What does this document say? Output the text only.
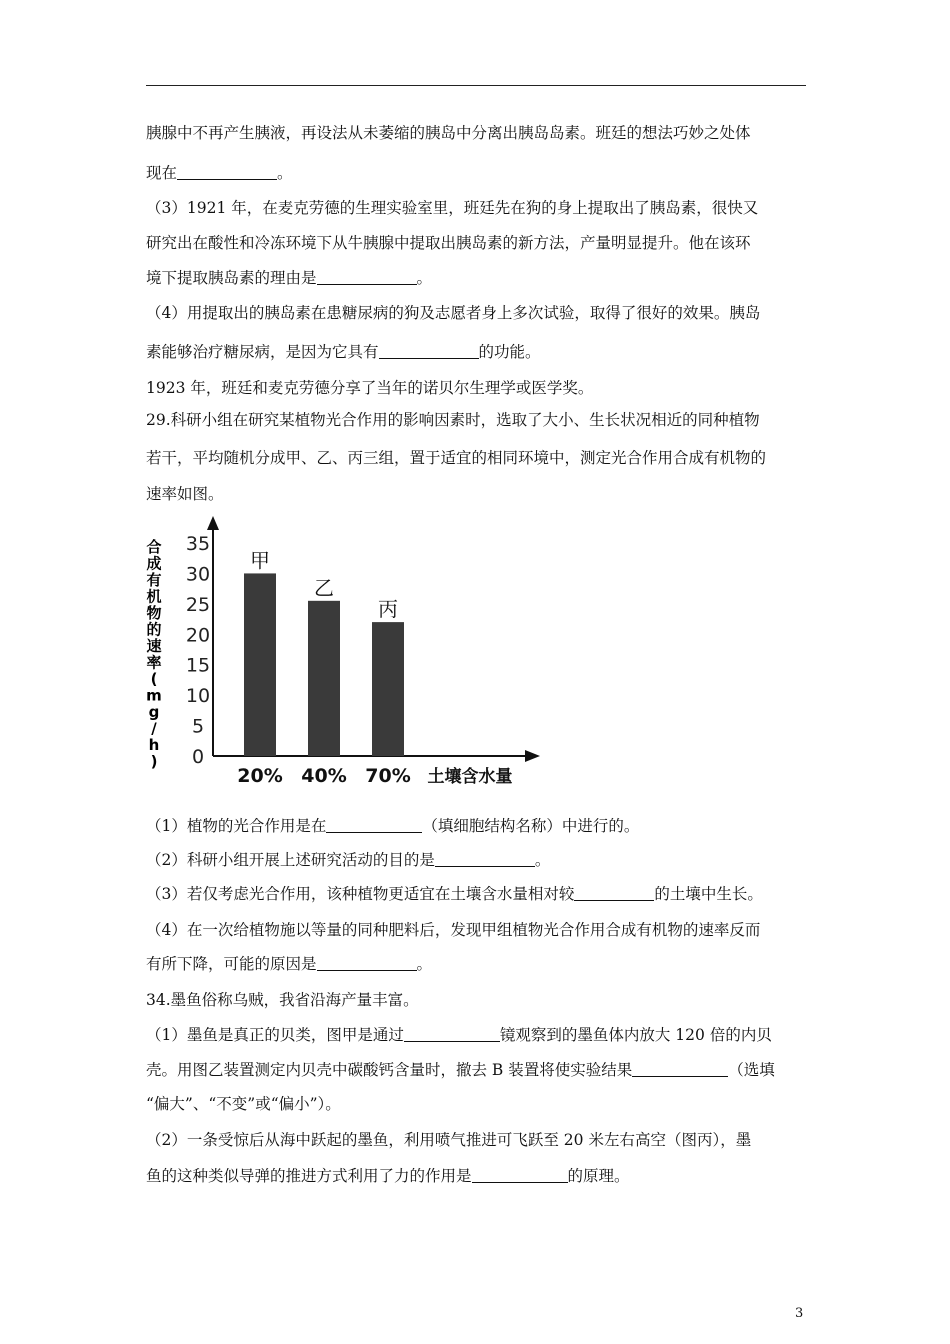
胰腺中不再产生胰液，再设法从未萎缩的胰岛中分离出胰岛岛素。班廷的想法巧妙之处体
现在	。
（3）1921 年，在麦克劳德的生理实验室里，班廷先在狗的身上提取出了胰岛素，很快又
研究出在酸性和冷冻环境下从牛胰腺中提取出胰岛素的新方法，产量明显提升。他在该环
境下提取胰岛素的理由是	。
（4）用提取出的胰岛素在患糖尿病的狗及志愿者身上多次试验，取得了很好的效果。胰岛
素能够治疗糖尿病，是因为它具有	的功能。
1923 年，班廷和麦克劳德分享了当年的诺贝尔生理学或医学奖。
29.科研小组在研究某植物光合作用的影响因素时，选取了大小、生长状况相近的同种植物
若干，平均随机分成甲、乙、丙三组，置于适宜的相同环境中，测定光合作用合成有机物的
速率如图。
（1）植物的光合作用是在	（填细胞结构名称）中进行的。
（2）科研小组开展上述研究活动的目的是	。
（3）若仅考虑光合作用，该种植物更适宜在土壤含水量相对较	的土壤中生长。
（4）在一次给植物施以等量的同种肥料后，发现甲组植物光合作用合成有机物的速率反而
有所下降，可能的原因是	。
34.墨鱼俗称乌贼，我省沿海产量丰富。
（1）墨鱼是真正的贝类，图甲是通过	镜观察到的墨鱼体内放大 120 倍的内贝
壳。用图乙装置测定内贝壳中碳酸钙含量时，撤去 B 装置将使实验结果	（选填
“偏大”、“不变”或“偏小”）。
（2）一条受惊后从海中跃起的墨鱼，利用喷气推进可飞跃至 20 米左右高空（图丙），墨
鱼的这种类似导弹的推进方式利用了力的作用是	的原理。
合成有机物的速率( m g / h ) 0
5
10
15
20
25
30
35
甲
20%
乙
40%
丙
70% 土壤含水量
3
